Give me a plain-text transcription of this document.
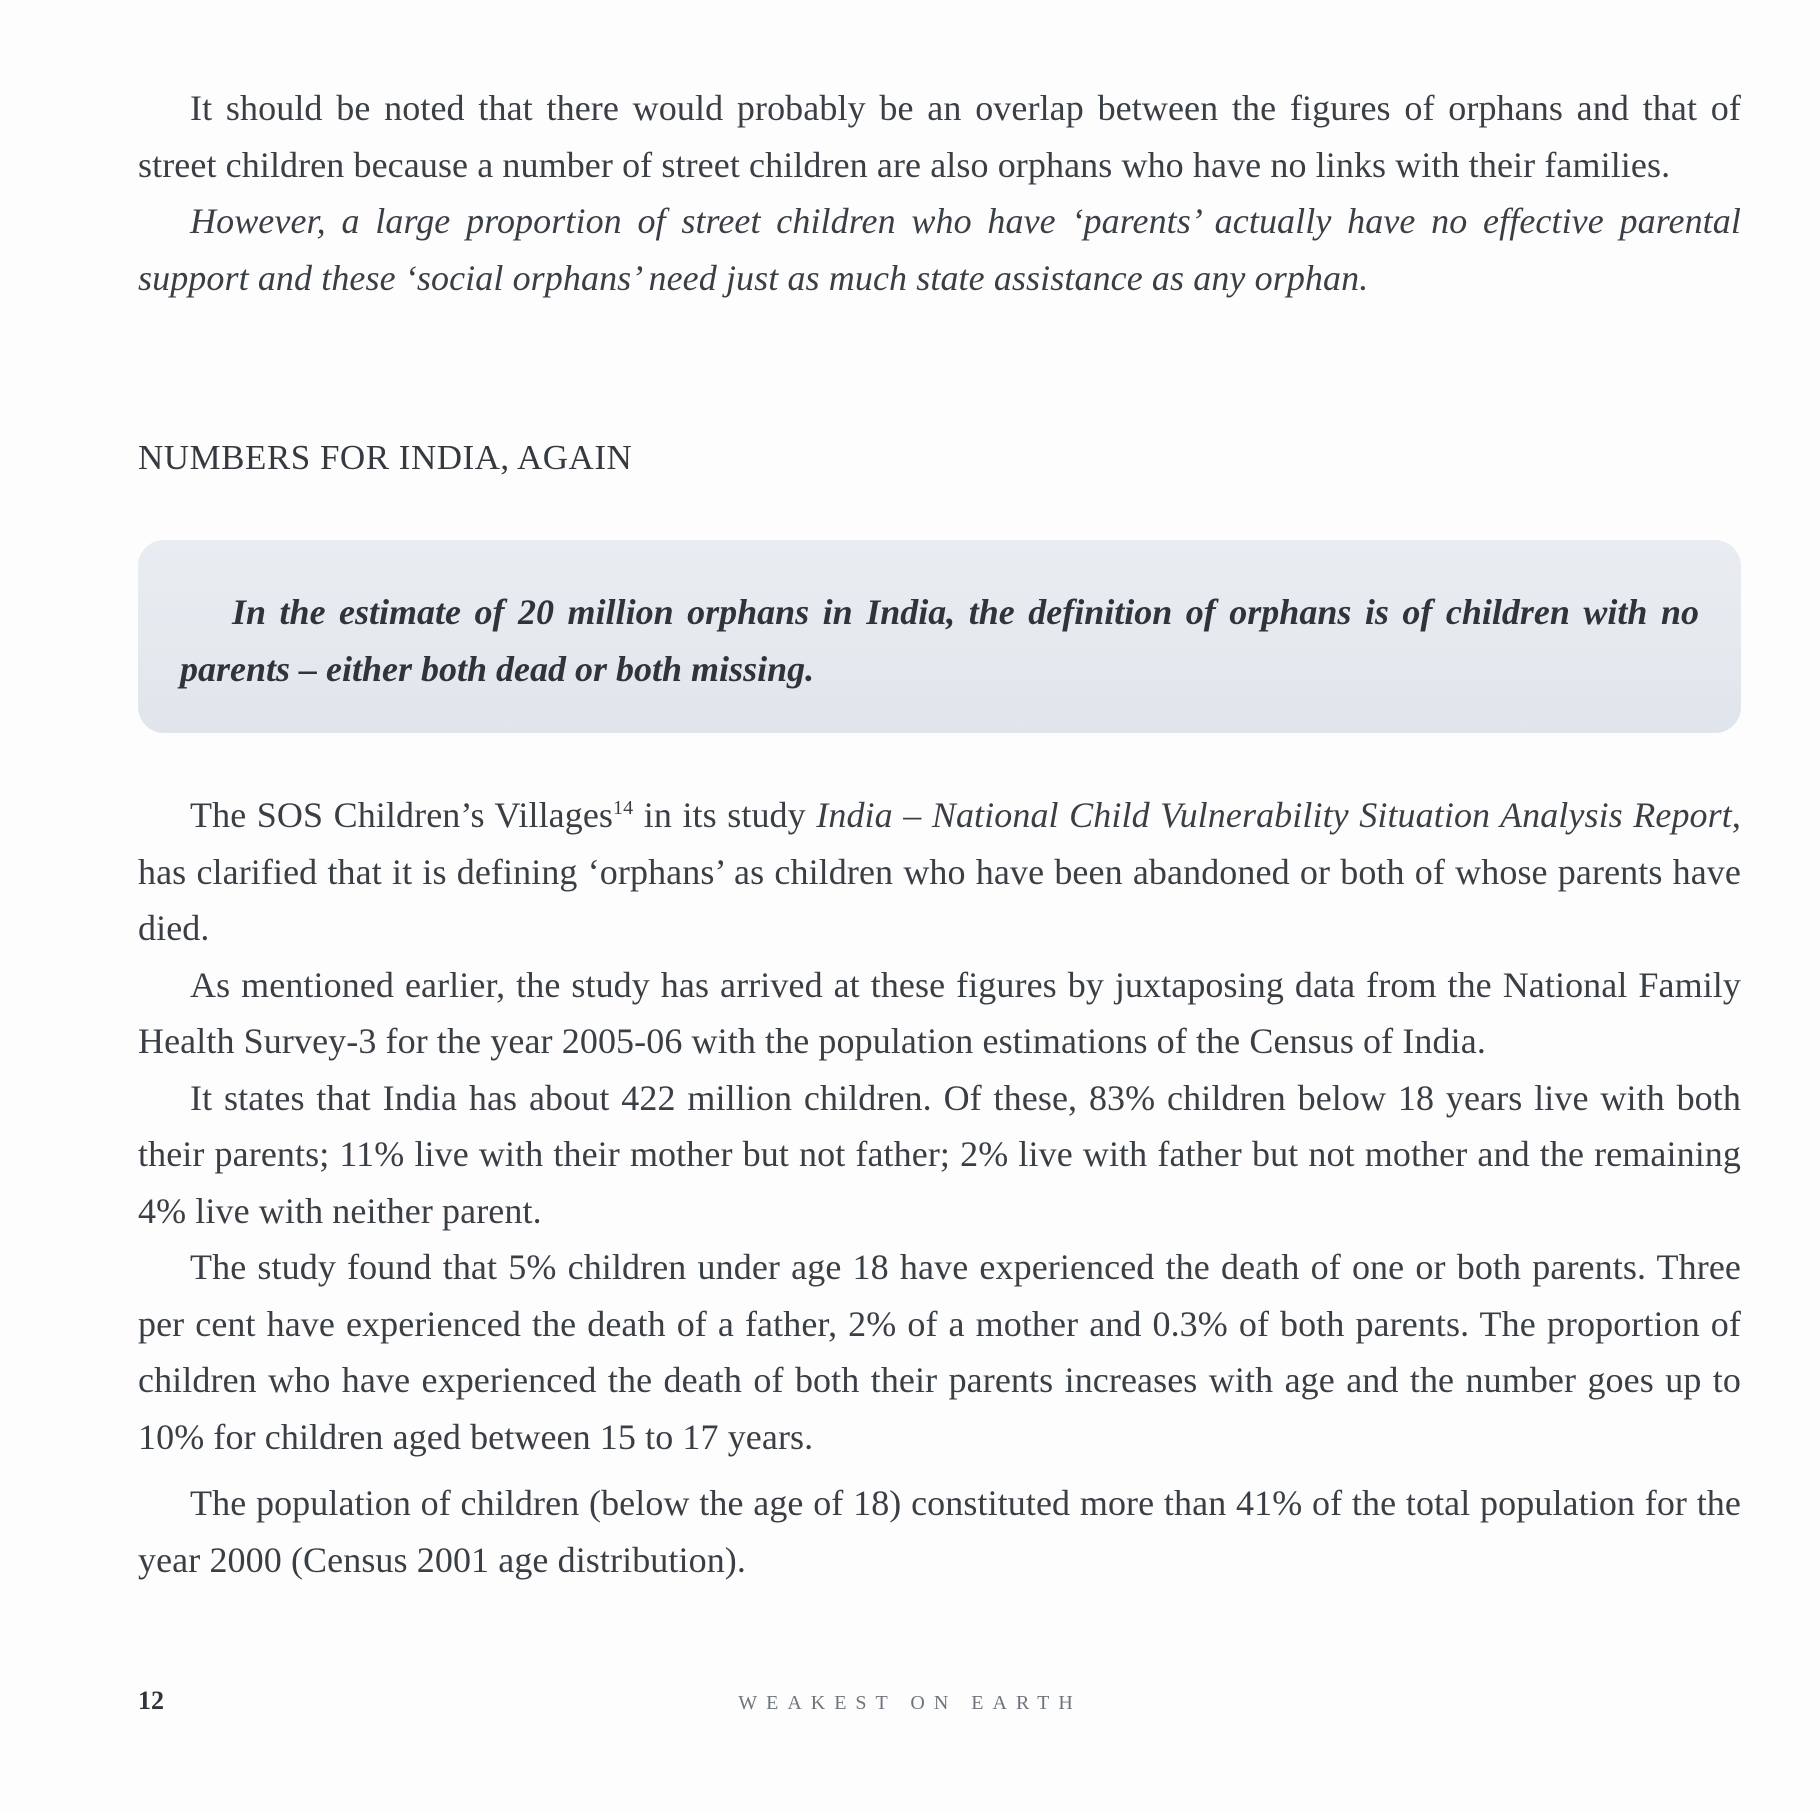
It should be noted that there would probably be an overlap between the figures of orphans and that of street children because a number of street children are also orphans who have no links with their families.

However, a large proportion of street children who have ‘parents’ actually have no effective parental support and these ‘social orphans’ need just as much state assistance as any orphan.

NUMBERS FOR INDIA, AGAIN

In the estimate of 20 million orphans in India, the definition of orphans is of children with no parents – either both dead or both missing.

The SOS Children’s Villages$^{14}$ in its study India – National Child Vulnerability Situation Analysis Report, has clarified that it is defining ‘orphans’ as children who have been abandoned or both of whose parents have died.

As mentioned earlier, the study has arrived at these figures by juxtaposing data from the National Family Health Survey-3 for the year 2005-06 with the population estimations of the Census of India.

It states that India has about 422 million children. Of these, 83% children below 18 years live with both their parents; 11% live with their mother but not father; 2% live with father but not mother and the remaining 4% live with neither parent.

The study found that 5% children under age 18 have experienced the death of one or both parents. Three per cent have experienced the death of a father, 2% of a mother and 0.3% of both parents. The proportion of children who have experienced the death of both their parents increases with age and the number goes up to 10% for children aged between 15 to 17 years.

The population of children (below the age of 18) constituted more than 41% of the total population for the year 2000 (Census 2001 age distribution).

12	WEAKEST ON EARTH
